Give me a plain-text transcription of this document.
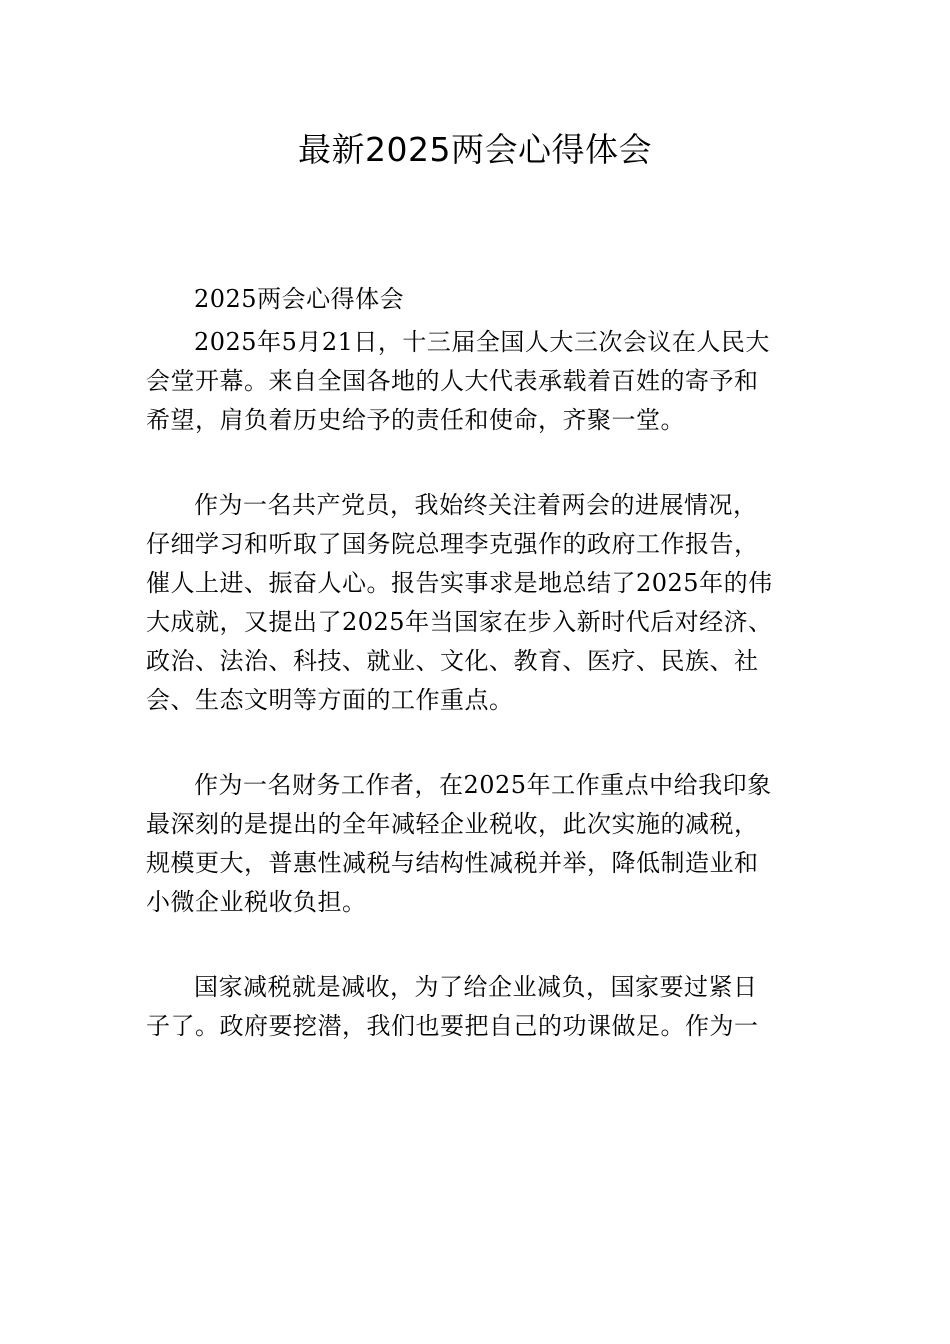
最新2025两会心得体会

2025两会心得体会

2025年5月21日，十三届全国人大三次会议在人民大
会堂开幕。来自全国各地的人大代表承载着百姓的寄予和
希望，肩负着历史给予的责任和使命，齐聚一堂。

作为一名共产党员，我始终关注着两会的进展情况，
仔细学习和听取了国务院总理李克强作的政府工作报告，
催人上进、振奋人心。报告实事求是地总结了2025年的伟
大成就，又提出了2025年当国家在步入新时代后对经济、
政治、法治、科技、就业、文化、教育、医疗、民族、社
会、生态文明等方面的工作重点。

作为一名财务工作者，在2025年工作重点中给我印象
最深刻的是提出的全年减轻企业税收，此次实施的减税，
规模更大，普惠性减税与结构性减税并举，降低制造业和
小微企业税收负担。

国家减税就是减收，为了给企业减负，国家要过紧日
子了。政府要挖潜，我们也要把自己的功课做足。作为一
